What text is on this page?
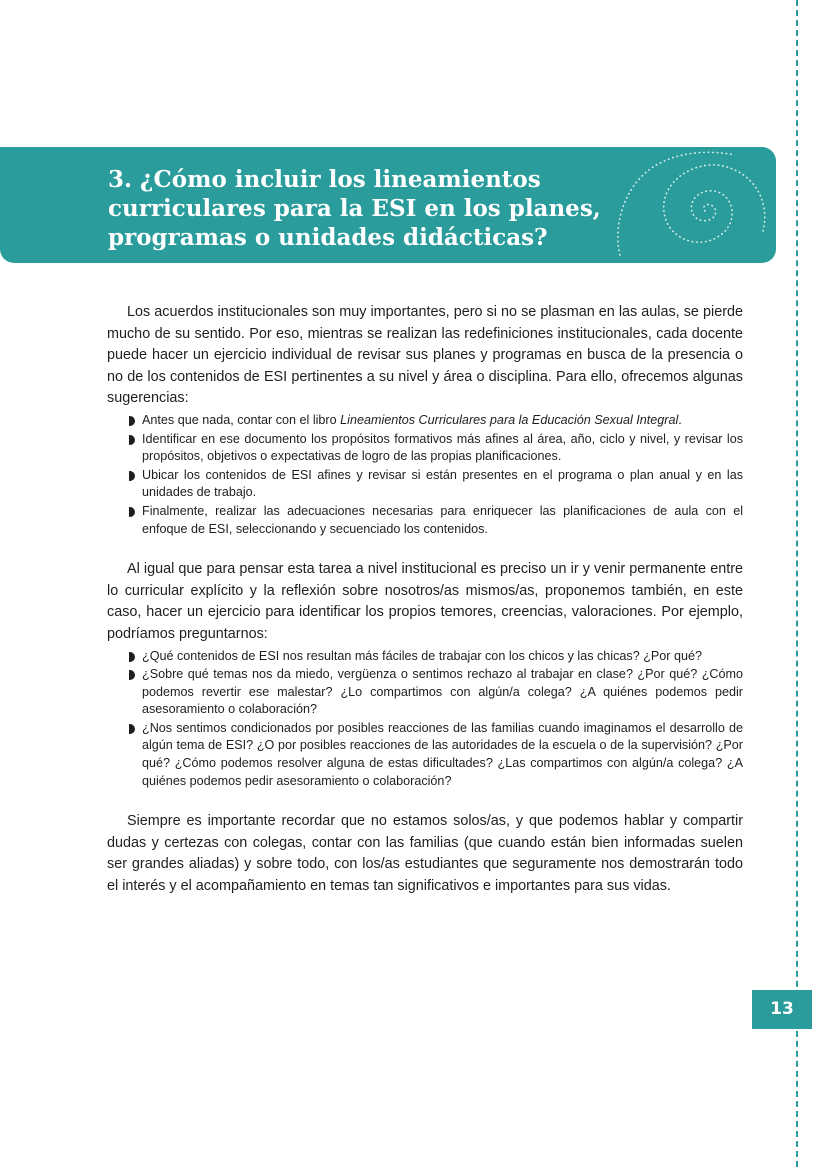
3. ¿Cómo incluir los lineamientos curriculares para la ESI en los planes, programas o unidades didácticas?

Los acuerdos institucionales son muy importantes, pero si no se plasman en las aulas, se pierde mucho de su sentido. Por eso, mientras se realizan las redefiniciones institucionales, cada docente puede hacer un ejercicio individual de revisar sus planes y programas en busca de la presencia o no de los contenidos de ESI pertinentes a su nivel y área o disciplina. Para ello, ofrecemos algunas sugerencias:

Antes que nada, contar con el libro Lineamientos Curriculares para la Educación Sexual Integral.
Identificar en ese documento los propósitos formativos más afines al área, año, ciclo y nivel, y revisar los propósitos, objetivos o expectativas de logro de las propias planificaciones.
Ubicar los contenidos de ESI afines y revisar si están presentes en el programa o plan anual y en las unidades de trabajo.
Finalmente, realizar las adecuaciones necesarias para enriquecer las planificaciones de aula con el enfoque de ESI, seleccionando y secuenciado los contenidos.

Al igual que para pensar esta tarea a nivel institucional es preciso un ir y venir permanente entre lo curricular explícito y la reflexión sobre nosotros/as mismos/as, proponemos también, en este caso, hacer un ejercicio para identificar los propios temores, creencias, valoraciones. Por ejemplo, podríamos preguntarnos:

¿Qué contenidos de ESI nos resultan más fáciles de trabajar con los chicos y las chicas? ¿Por qué?
¿Sobre qué temas nos da miedo, vergüenza o sentimos rechazo al trabajar en clase? ¿Por qué? ¿Cómo podemos revertir ese malestar? ¿Lo compartimos con algún/a colega? ¿A quiénes podemos pedir asesoramiento o colaboración?
¿Nos sentimos condicionados por posibles reacciones de las familias cuando imaginamos el desarrollo de algún tema de ESI? ¿O por posibles reacciones de las autoridades de la escuela o de la supervisión? ¿Por qué? ¿Cómo podemos resolver alguna de estas dificultades? ¿Las compartimos con algún/a colega? ¿A quiénes podemos pedir asesoramiento o colaboración?

Siempre es importante recordar que no estamos solos/as, y que podemos hablar y compartir dudas y certezas con colegas, contar con las familias (que cuando están bien informadas suelen ser grandes aliadas) y sobre todo, con los/as estudiantes que seguramente nos demostrarán todo el interés y el acompañamiento en temas tan significativos e importantes para sus vidas.

13
